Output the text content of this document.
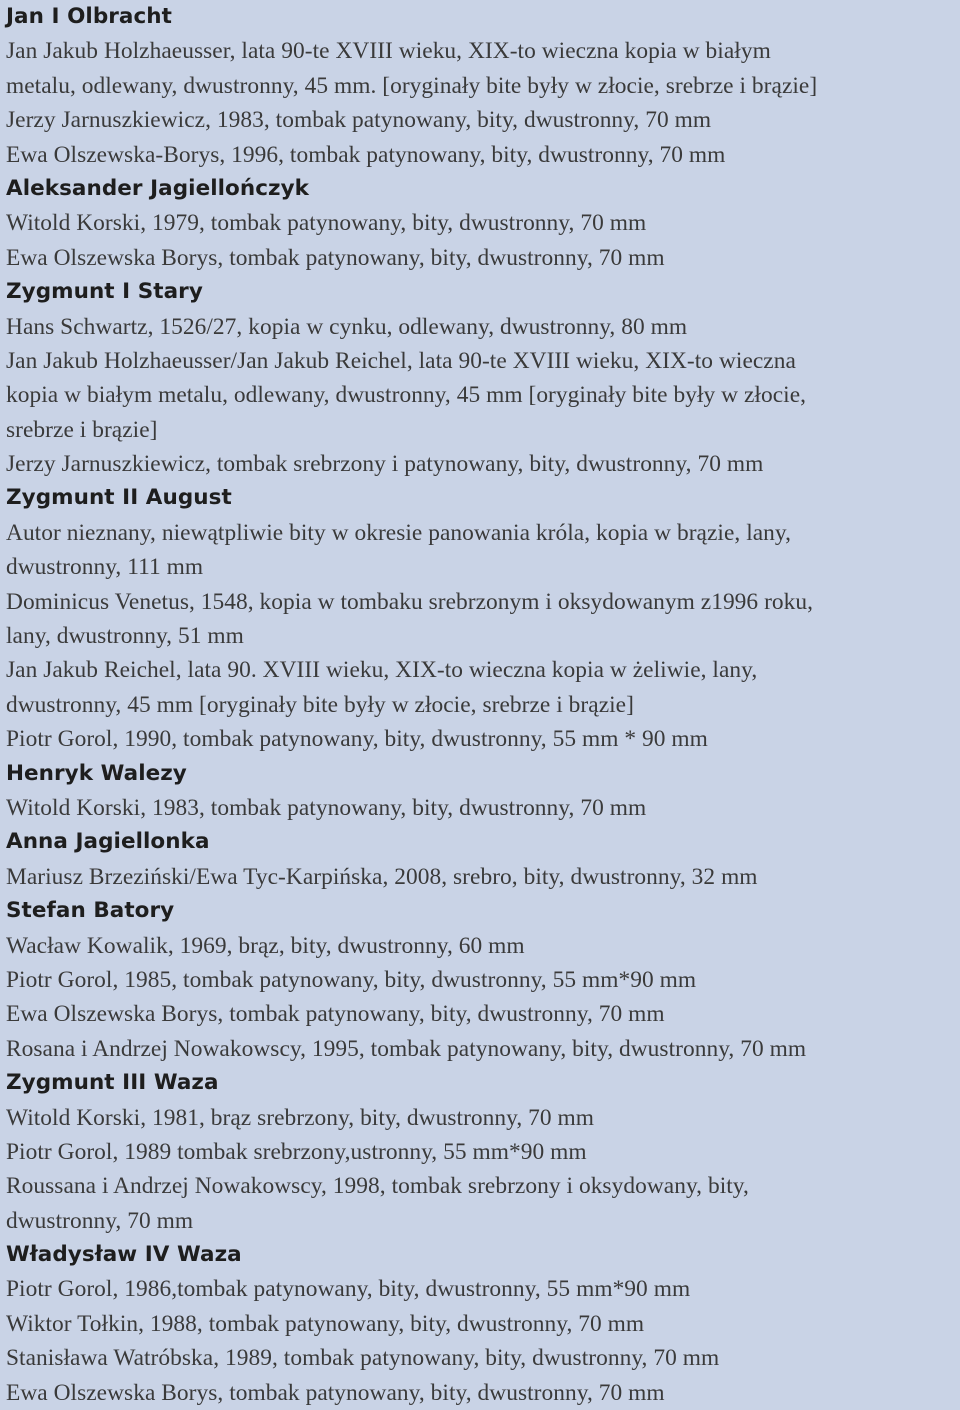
Jan I Olbracht
Jan Jakub Holzhaeusser, lata 90-te XVIII wieku, XIX-to wieczna kopia w białym
metalu, odlewany, dwustronny, 45 mm. [oryginały bite były w złocie, srebrze i brązie]
Jerzy Jarnuszkiewicz, 1983, tombak patynowany, bity, dwustronny, 70 mm
Ewa Olszewska-Borys, 1996, tombak patynowany, bity, dwustronny, 70 mm
Aleksander Jagiellończyk
Witold Korski, 1979, tombak patynowany, bity, dwustronny, 70 mm
Ewa Olszewska Borys, tombak patynowany, bity, dwustronny, 70 mm
Zygmunt I Stary
Hans Schwartz, 1526/27, kopia w cynku, odlewany, dwustronny, 80 mm
Jan Jakub Holzhaeusser/Jan Jakub Reichel, lata 90-te XVIII wieku, XIX-to wieczna
kopia w białym metalu, odlewany, dwustronny, 45 mm [oryginały bite były w złocie,
srebrze i brązie]
Jerzy Jarnuszkiewicz, tombak srebrzony i patynowany, bity, dwustronny, 70 mm
Zygmunt II August
Autor nieznany, niewątpliwie bity w okresie panowania króla, kopia w brązie, lany,
dwustronny, 111 mm
Dominicus Venetus, 1548, kopia w tombaku srebrzonym i oksydowanym z1996 roku,
lany, dwustronny, 51 mm
Jan Jakub Reichel, lata 90. XVIII wieku, XIX-to wieczna kopia w żeliwie, lany,
dwustronny, 45 mm [oryginały bite były w złocie, srebrze i brązie]
Piotr Gorol, 1990, tombak patynowany, bity, dwustronny, 55 mm * 90 mm
Henryk Walezy
Witold Korski, 1983, tombak patynowany, bity, dwustronny, 70 mm
Anna Jagiellonka
Mariusz Brzeziński/Ewa Tyc-Karpińska, 2008, srebro, bity, dwustronny, 32 mm
Stefan Batory
Wacław Kowalik, 1969, brąz, bity, dwustronny, 60 mm
Piotr Gorol, 1985, tombak patynowany, bity, dwustronny, 55 mm*90 mm
Ewa Olszewska Borys, tombak patynowany, bity, dwustronny, 70 mm
Rosana i Andrzej Nowakowscy, 1995, tombak patynowany, bity, dwustronny, 70 mm
Zygmunt III Waza
Witold Korski, 1981, brąz srebrzony, bity, dwustronny, 70 mm
Piotr Gorol, 1989 tombak srebrzony,ustronny, 55 mm*90 mm
Roussana i Andrzej Nowakowscy, 1998, tombak srebrzony i oksydowany, bity,
dwustronny, 70 mm
Władysław IV Waza
Piotr Gorol, 1986,tombak patynowany, bity, dwustronny, 55 mm*90 mm
Wiktor Tołkin, 1988, tombak patynowany, bity, dwustronny, 70 mm
Stanisława Watróbska, 1989, tombak patynowany, bity, dwustronny, 70 mm
Ewa Olszewska Borys, tombak patynowany, bity, dwustronny, 70 mm
